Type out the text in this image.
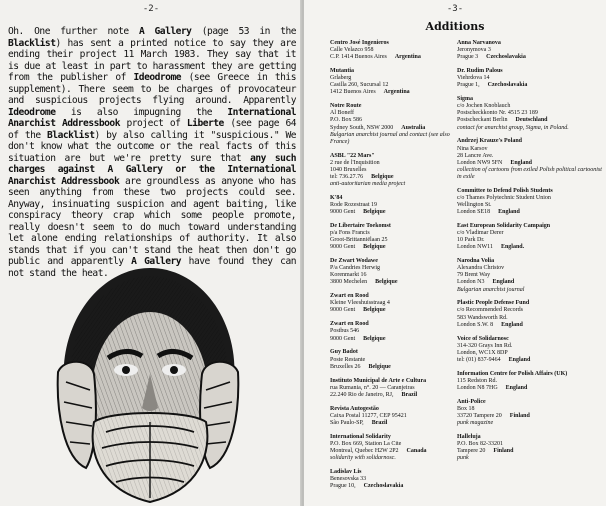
-2-
Oh. One further note A Gallery (page 53 in the Blacklist) has sent a printed notice to say they are ending their project 11 March 1983. They say that it is due at least in part to harassment they are getting from the publisher of Ideodrome (see Greece in this supplement). There seem to be charges of provocateur and suspicious projects flying around. Apparently Ideodrome is also impugning the International Anarchist Addressbook project of Liberte (see page 64 of the Blacklist) by also calling it "suspicious." We don't know what the outcome or the real facts of this situation are but we're pretty sure that any such charges against A Gallery or the International Anarchist Addressbook are groundless as anyone who has seen anything from these two projects could see. Anyway, insinuating suspicion and agent baiting, like conspiracy theory crap which some people promote, really doesn't seem to do much toward understanding let alone ending relationships of authority. It also stands that if you can't stand the heat then don't go public and apparently A Gallery have found they can not stand the heat.
-3-
Additions
Centro José Ingenieros
Calle Velazco 958
C.P. 1414 Buenos Aires Argentina
Mutantia
Grlaberg
Casilla 260, Sucursal 12
1412 Buenos Aires Argentina
Notre Route
Al Boneff
P.O. Box 586
Sydney South, NSW 2000 Australia
Bulgarian anarchist journal and contact (see also France)
ASBL "22 Mars"
2 rue de l'Inquisition
1040 Bruxelles
tel: 736.27.76 Belgique
anti-autoritarian media project
K'84
Rode Rozestraat 19
9000 Gent Belgique
De Libertaire Toekomst
p/a Fons Francis
Groot-Brittanniëlaan 25
9000 Gent Belgique
De Zwart Wodawe
P/a Candries Herwig
Korenmarkt 16
3800 Mechelen Belgique
Zwart en Rood
Kleine Vleeshuisstraag 4
9000 Gent Belgique
Zwart en Rood
Postbus 546
9000 Gent Belgique
Guy Badot
Poste Restante
Bruxelles 26 Belgique
Instituto Municipal de Arte e Cultura
rua Rumania, n°. 20 — Caranjeiras
22.240 Rio de Janeiro, RJ, Brazil
Revista Autogestão
Caixa Postal 11277, CEP 95421
São Paulo-SP, Brazil
International Solidarity
P.O. Box 669, Station La Cite
Montreal, Quebec H2W 2P2 Canada
solidarity with solidarnosc.
Ladislav Lis
Benesovska 33
Prague 10, Czechoslavakia
Anna Narvanova
Jeronymova 3
Prague 3 Czechoslavakia
Dr. Rudim Palous
Viehrdova 14
Prague 1, Czechoslavakia
Sigma
c/o Jochen Knoblauch
Postscheckkonto Nr. 4515 23 189
Postscheckant Berlin Deutschland
contact for anarchist group, Sigma, in Poland.
Andrzej Krauze's Poland
Nina Karsov
28 Lancre Ave.
London NW9 5FN England
collection of cartoons from exiled Polish political cartoonist in exile
Committee to Defend Polish Students
c/o Thames Polytechnic Student Union
Wellington St.
London SE18 England
East European Solidarity Campaign
c/o Vladimar Derer
10 Park Dr.
London NW11 England.
Narodna Volia
Alexandra Christov
79 Brent Way
London N3 England
Bulgarian anarchist journal
Plastic People Defense Fund
c/o Recommended Records
583 Wandsworth Rd.
London S.W. 8 England
Voice of Solidarnosc
314-320 Grays Inn Rd.
London, WC1X 8DP
tel: (01) 837-9464 England
Information Centre for Polish Affairs (UK)
115 Redston Rd.
London N8 7HG England
Anti-Police
Box 18
33720 Tampere 20 Finland
punk magazine
Halleluja
P.O. Box 82-33201
Tampere 20 Finland
punk
